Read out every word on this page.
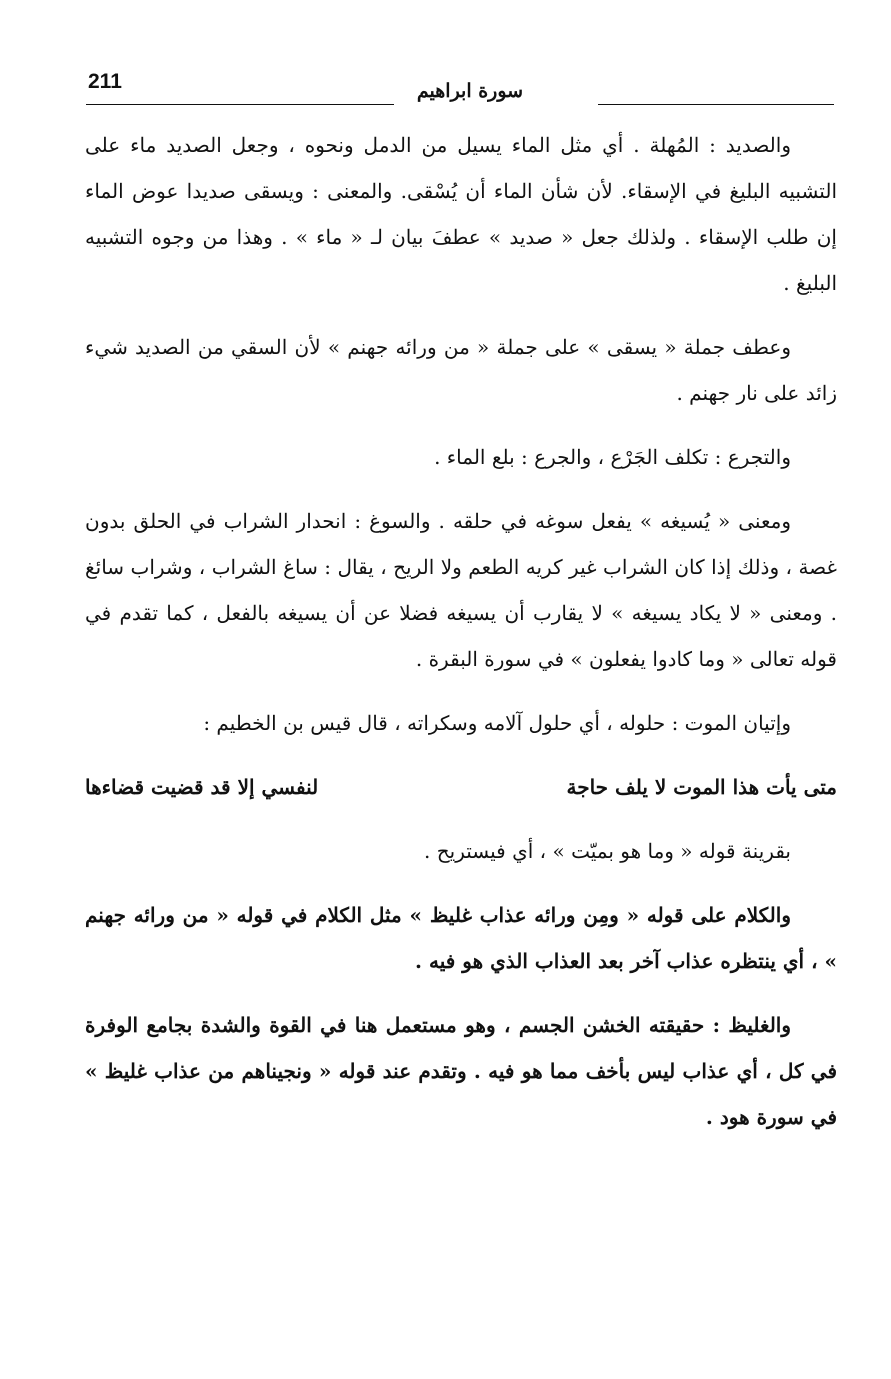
211	سورة ابراهيم

والصديد : المُهلة . أي مثل الماء يسيل من الدمل ونحوه ، وجعل الصديد ماء على التشبيه البليغ في الإسقاء. لأن شأن الماء أن يُسْقى. والمعنى : ويسقى صديدا عوض الماء إن طلب الإسقاء . ولذلك جعل « صديد » عطفَ بيان لـ « ماء » . وهذا من وجوه التشبيه البليغ .

وعطف جملة « يسقى » على جملة « من ورائه جهنم » لأن السقي من الصديد شيء زائد على نار جهنم .

والتجرع : تكلف الجَرْع ، والجرع : بلع الماء .

ومعنى « يُسيغه » يفعل سوغه في حلقه . والسوغ : انحدار الشراب في الحلق بدون غصة ، وذلك إذا كان الشراب غير كريه الطعم ولا الريح ، يقال : ساغ الشراب ، وشراب سائغ . ومعنى « لا يكاد يسيغه » لا يقارب أن يسيغه فضلا عن أن يسيغه بالفعل ، كما تقدم في قوله تعالى « وما كادوا يفعلون » في سورة البقرة .

وإتيان الموت : حلوله ، أي حلول آلامه وسكراته ، قال قيس بن الخطيم :

متى يأت هذا الموت لا يلف حاجة
لنفسي إلا قد قضيت قضاءها

بقرينة قوله « وما هو بميّت » ، أي فيستريح .

والكلام على قوله « ومِن ورائه عذاب غليظ » مثل الكلام في قوله « من ورائه جهنم » ، أي ينتظره عذاب آخر بعد العذاب الذي هو فيه .

والغليظ : حقيقته الخشن الجسم ، وهو مستعمل هنا في القوة والشدة بجامع الوفرة في كل ، أي عذاب ليس بأخف مما هو فيه . وتقدم عند قوله « ونجيناهم من عذاب غليظ » في سورة هود .
